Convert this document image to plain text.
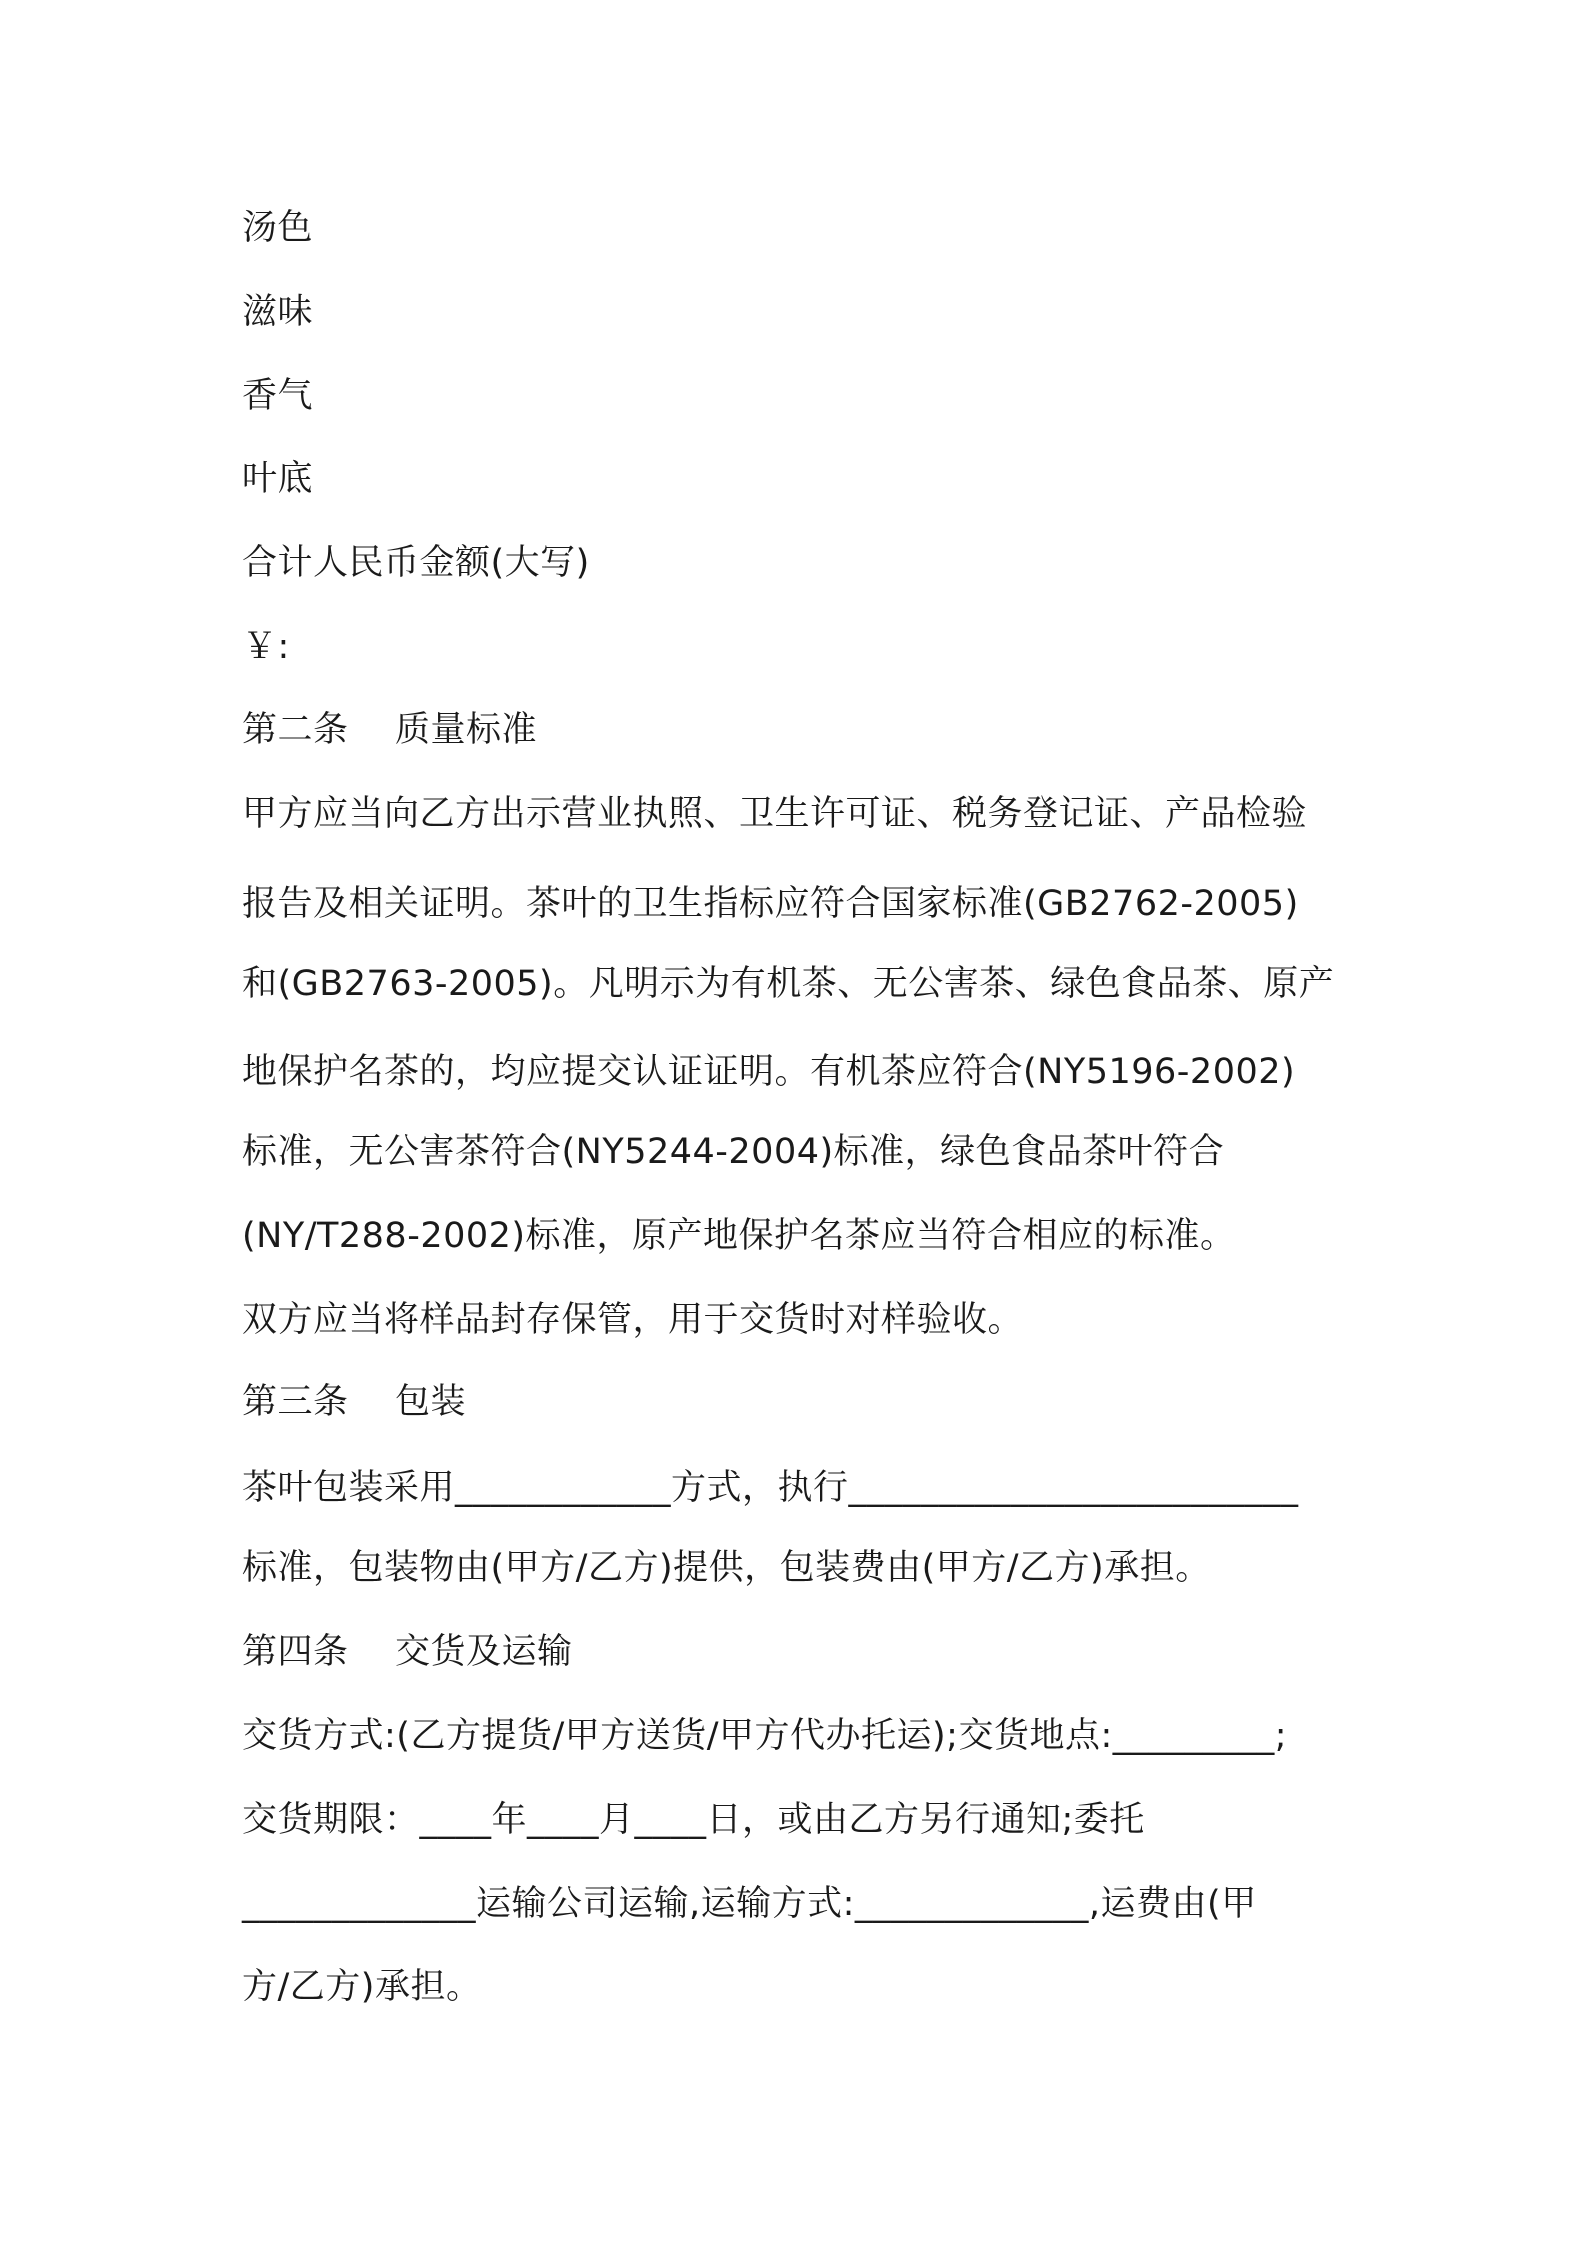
汤色
滋味
香气
叶底
合计人民币金额(大写)
￥:
第二条    质量标准
甲方应当向乙方出示营业执照、卫生许可证、税务登记证、产品检验
报告及相关证明。茶叶的卫生指标应符合国家标准(GB2762-2005)
和(GB2763-2005)。凡明示为有机茶、无公害茶、绿色食品茶、原产
地保护名茶的，均应提交认证证明。有机茶应符合(NY5196-2002)
标准，无公害茶符合(NY5244-2004)标准，绿色食品茶叶符合
(NY/T288-2002)标准，原产地保护名茶应当符合相应的标准。
双方应当将样品封存保管，用于交货时对样验收。
第三条    包装
茶叶包装采用____________方式，执行_________________________
标准，包装物由(甲方/乙方)提供，包装费由(甲方/乙方)承担。
第四条    交货及运输
交货方式:(乙方提货/甲方送货/甲方代办托运);交货地点:_________;
交货期限：____年____月____日，或由乙方另行通知;委托
_____________运输公司运输,运输方式:_____________,运费由(甲
方/乙方)承担。
